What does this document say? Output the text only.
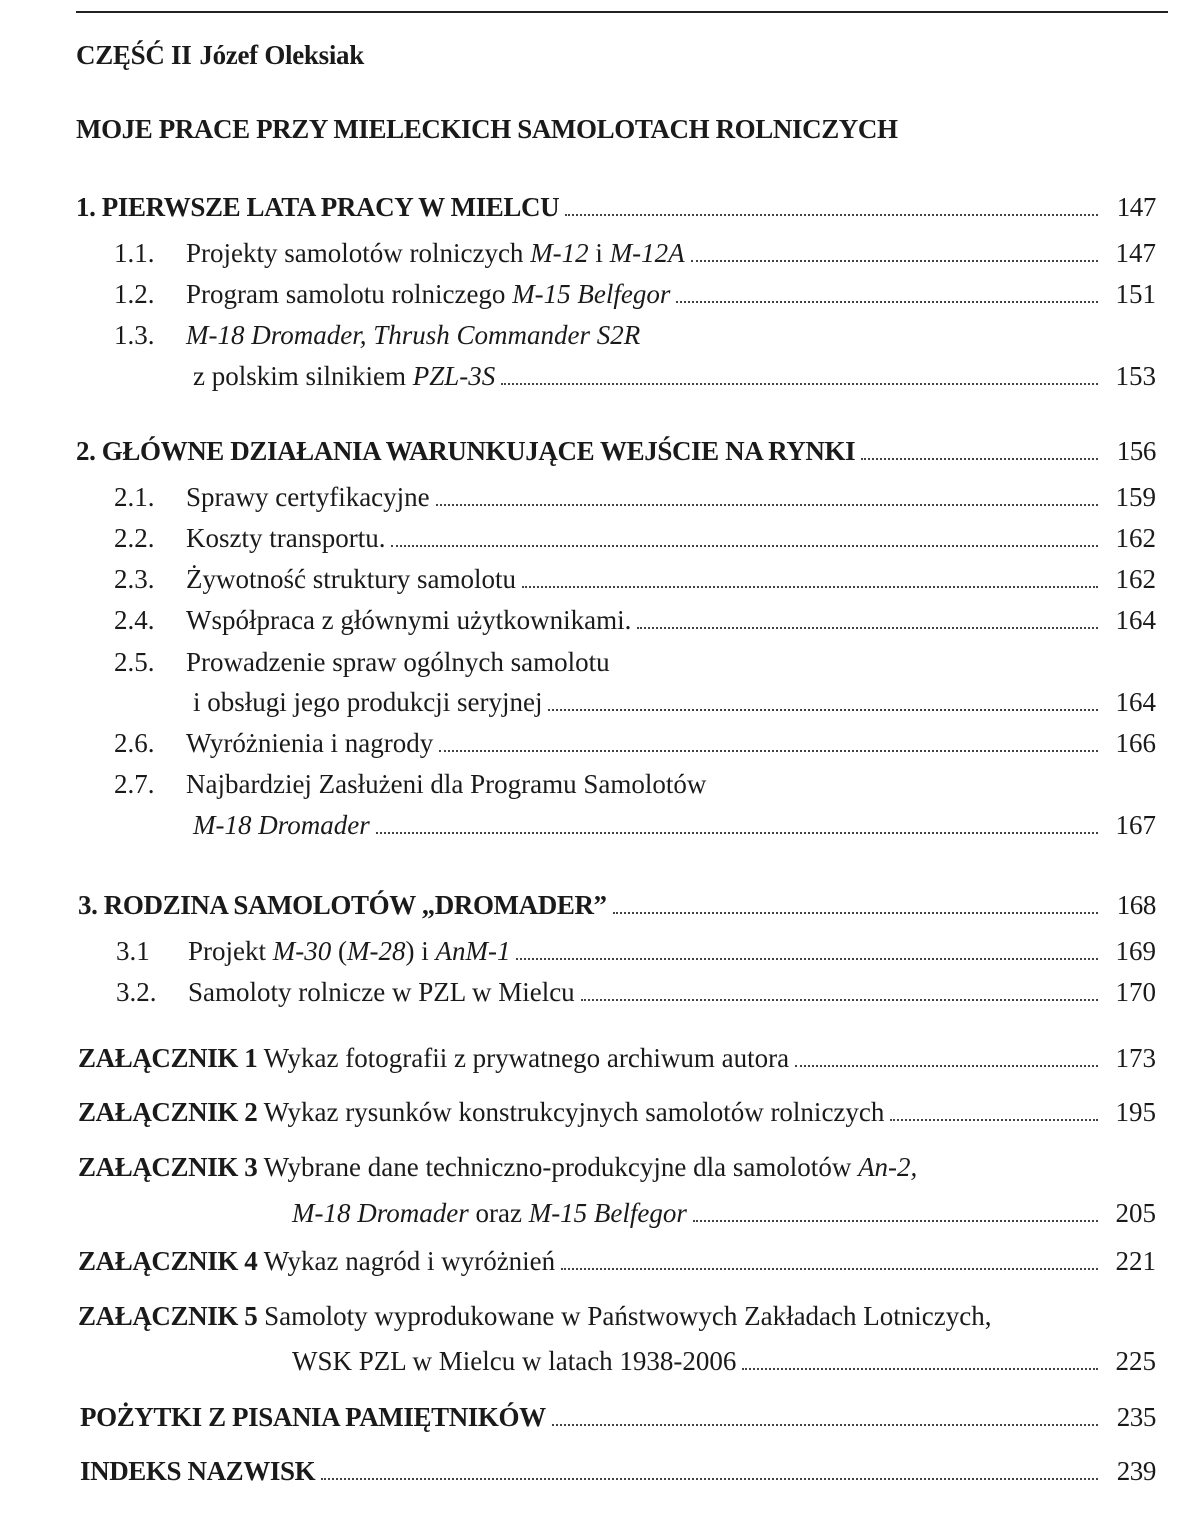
CZĘŚĆ II Józef Oleksiak
MOJE PRACE PRZY MIELECKICH SAMOLOTACH ROLNICZYCH
1. PIERWSZE LATA PRACY W MIELCU	147
1.1.	Projekty samolotów rolniczych M-12 i M-12A	147
1.2.	Program samolotu rolniczego M-15 Belfegor	151
1.3.	M-18 Dromader, Thrush Commander S2R
z polskim silnikiem PZL-3S	153
2. GŁÓWNE DZIAŁANIA WARUNKUJĄCE WEJŚCIE NA RYNKI	156
2.1.	Sprawy certyfikacyjne	159
2.2.	Koszty transportu.	162
2.3.	Żywotność struktury samolotu	162
2.4.	Współpraca z głównymi użytkownikami.	164
2.5.	Prowadzenie spraw ogólnych samolotu
i obsługi jego produkcji seryjnej	164
2.6.	Wyróżnienia i nagrody	166
2.7.	Najbardziej Zasłużeni dla Programu Samolotów
M-18 Dromader	167
3. RODZINA SAMOLOTÓW „DROMADER”	168
3.1	Projekt M-30 (M-28) i AnM-1	169
3.2.	Samoloty rolnicze w PZL w Mielcu	170
ZAŁĄCZNIK 1 Wykaz fotografii z prywatnego archiwum autora	173
ZAŁĄCZNIK 2 Wykaz rysunków konstrukcyjnych samolotów rolniczych	195
ZAŁĄCZNIK 3 Wybrane dane techniczno-produkcyjne dla samolotów An-2,
M-18 Dromader oraz M-15 Belfegor	205
ZAŁĄCZNIK 4 Wykaz nagród i wyróżnień	221
ZAŁĄCZNIK 5 Samoloty wyprodukowane w Państwowych Zakładach Lotniczych,
WSK PZL w Mielcu w latach 1938-2006	225
POŻYTKI Z PISANIA PAMIĘTNIKÓW	235
INDEKS NAZWISK	239
